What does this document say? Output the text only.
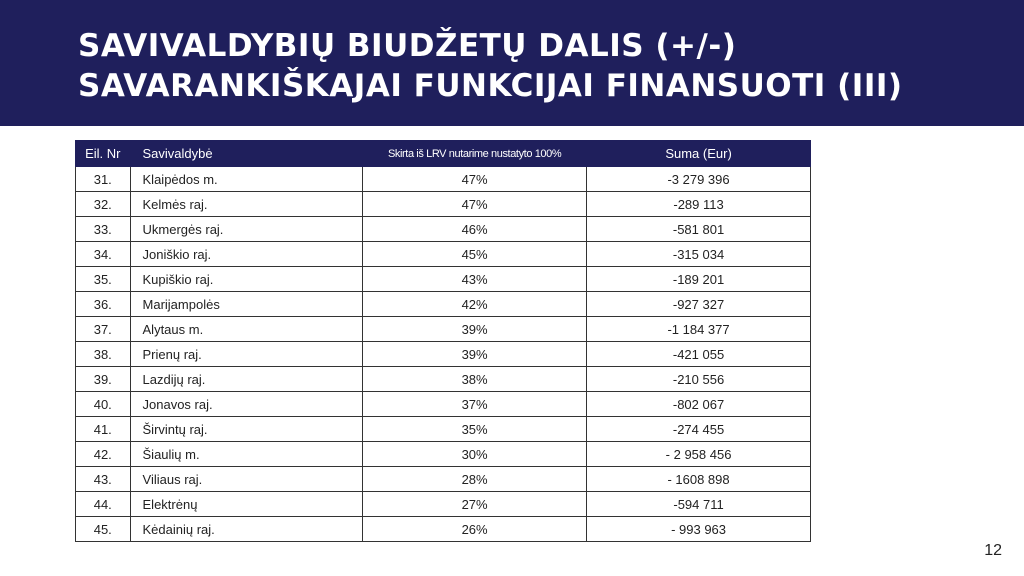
SAVIVALDYBIŲ BIUDŽETŲ DALIS (+/-)
SAVARANKIŠKAJAI FUNKCIJAI FINANSUOTI (III)
Eil. Nr	Savivaldybė	Skirta iš LRV nutarime nustatyto 100%	Suma (Eur)
31.	Klaipėdos m.	47%	-3 279 396
32.	Kelmės raj.	47%	-289 113
33.	Ukmergės raj.	46%	-581 801
34.	Joniškio raj.	45%	-315 034
35.	Kupiškio raj.	43%	-189 201
36.	Marijampolės	42%	-927 327
37.	Alytaus m.	39%	-1 184 377
38.	Prienų raj.	39%	-421 055
39.	Lazdijų raj.	38%	-210 556
40.	Jonavos raj.	37%	-802 067
41.	Širvintų raj.	35%	-274 455
42.	Šiaulių m.	30%	- 2 958 456
43.	Viliaus raj.	28%	- 1608 898
44.	Elektrėnų	27%	-594 711
45.	Kėdainių raj.	26%	- 993 963
12
